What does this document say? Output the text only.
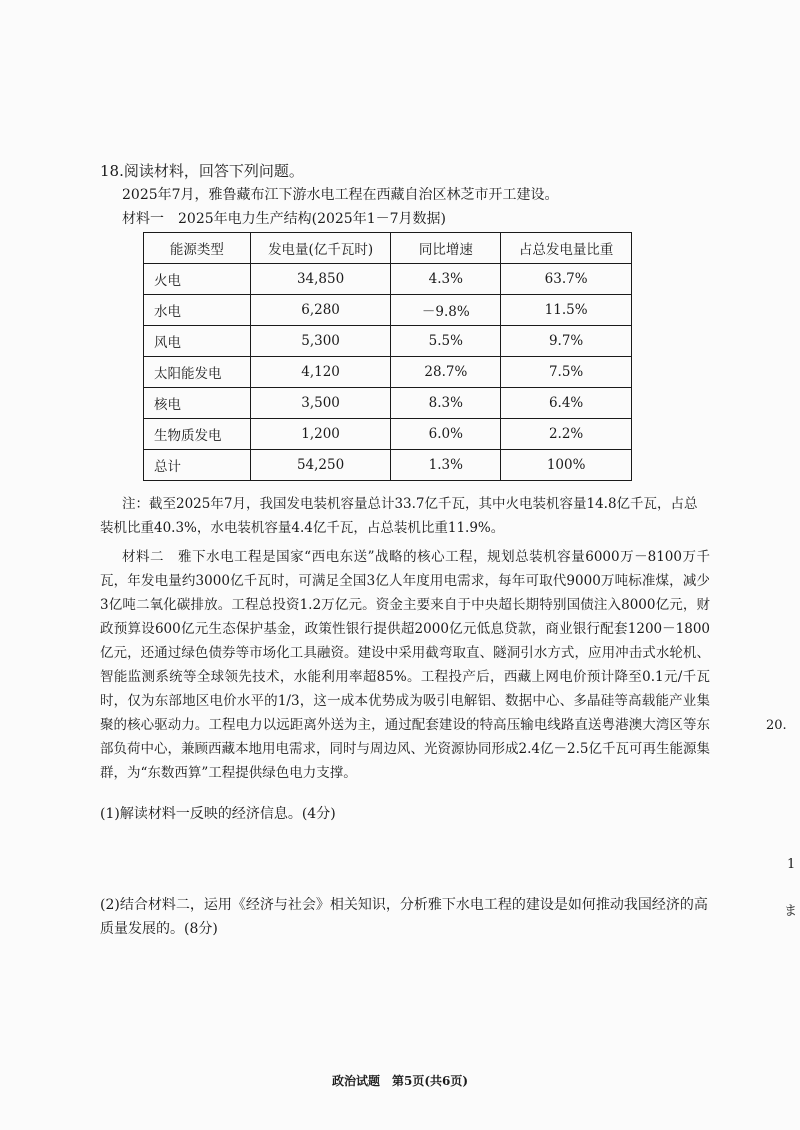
18.阅读材料，回答下列问题。
2025年7月，雅鲁藏布江下游水电工程在西藏自治区林芝市开工建设。
材料一　2025年电力生产结构(2025年1－7月数据)
能源类型	发电量(亿千瓦时)	同比增速	占总发电量比重
火电	34,850	4.3%	63.7%
水电	6,280	－9.8%	11.5%
风电	5,300	5.5%	9.7%
太阳能发电	4,120	28.7%	7.5%
核电	3,500	8.3%	6.4%
生物质发电	1,200	6.0%	2.2%
总计	54,250	1.3%	100%
注：截至2025年7月，我国发电装机容量总计33.7亿千瓦，其中火电装机容量14.8亿千瓦，占总装机比重40.3%，水电装机容量4.4亿千瓦，占总装机比重11.9%。
材料二　雅下水电工程是国家“西电东送”战略的核心工程，规划总装机容量6000万－8100万千瓦，年发电量约3000亿千瓦时，可满足全国3亿人年度用电需求，每年可取代9000万吨标准煤，减少3亿吨二氧化碳排放。工程总投资1.2万亿元。资金主要来自于中央超长期特别国债注入8000亿元，财政预算设600亿元生态保护基金，政策性银行提供超2000亿元低息贷款，商业银行配套1200－1800亿元，还通过绿色债券等市场化工具融资。建设中采用截弯取直、隧洞引水方式，应用冲击式水轮机、智能监测系统等全球领先技术，水能利用率超85%。工程投产后，西藏上网电价预计降至0.1元/千瓦时，仅为东部地区电价水平的1/3，这一成本优势成为吸引电解铝、数据中心、多晶硅等高载能产业集聚的核心驱动力。工程电力以远距离外送为主，通过配套建设的特高压输电线路直送粤港澳大湾区等东部负荷中心，兼顾西藏本地用电需求，同时与周边风、光资源协同形成2.4亿－2.5亿千瓦可再生能源集群，为“东数西算”工程提供绿色电力支撑。
(1)解读材料一反映的经济信息。(4分)
(2)结合材料二，运用《经济与社会》相关知识，分析雅下水电工程的建设是如何推动我国经济的高质量发展的。(8分)
20.
1
ま
政治试题　第5页(共6页)
